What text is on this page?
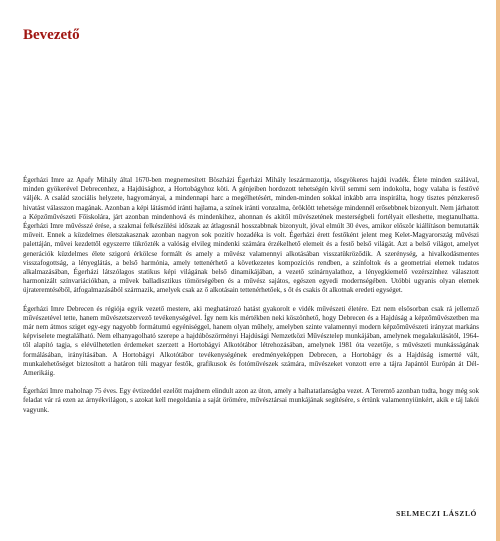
Bevezető

Égerházi Imre az Apafy Mihály által 1670-ben megnemesített Böszházi Égerházi Mihály leszármazottja, tősgyökeres hajdú ivadék. Élete minden szálával, minden gyökerével Debrecenhez, a Hajdúsághoz, a Hortobágyhoz köti. A génjeiben hordozott tehetségén kívül semmi sem indokolta, hogy valaha is festővé váljék. A család szociális helyzete, hagyományai, a mindennapi harc a megélhetésért, minden-minden sokkal inkább arra inspirálta, hogy tisztes pénzkereső hivatást válasszon magának. Azonban a képi látásmód iránti hajlama, a színek iránti vonzalma, öröklött tehetsége mindennél erősebbnek bizonyult. Nem járhatott a Képzőművészeti Főiskolára, járt azonban mindenhová és mindenkihez, ahonnan és akitől művészetének mesterségbeli fortélyait elleshette, megtanulhatta. Égerházi Imre művésszé érése, a szakmai felkészülési időszak az átlagosnál hosszabbnak bizonyult, jóval elmúlt 30 éves, amikor először kiállításon bemutatták műveit. Ennek a küzdelmes életszakasznak azonban nagyon sok pozitív hozadéka is volt. Égerházi érett festőként jelent meg Kelet-Magyarország művészi palettáján, művei kezdettől egyszerre tükrözték a valóság elvileg mindenki számára érzékelhető elemeit és a festő belső világát. Azt a belső világot, amelyet generációk küzdelmes élete szigorú érkölcse formált és amely a művész valamennyi alkotásában visszatükröződik. A szerénység, a hivalkodásmentes visszafogottság, a lényeglátás, a belső harmónia, amely tettenérhető a következetes kompozíciós rendben, a színfoltok és a geometriai elemek tudatos alkalmazásában, Égerházi látszólagos statikus képi világának belső dinamikájában, a vezető színárnyalathoz, a lényegkiemelő vezérszínhez választott harmonizált színvariációkban, a művek balladisztikus tömörségében és a művész sajátos, egészen egyedi modernségében. Utóbbi ugyanis olyan elemek újrateremtéséből, átfogalmazásából származik, amelyek csak az ő alkotásain tettenérhetőek, s őt és csakis őt alkotnak eredeti egységet.

Égerházi Imre Debrecen és régiója egyik vezető mestere, aki meghatározó hatást gyakorolt e vidék művészeti életére. Ezt nem elsősorban csak rá jellemző művészetével tette, hanem művészetszervező tevékenységével. Így nem kis mértékben neki köszönhető, hogy Debrecen és a Hajdúság a képzőművészetben ma már nem átmos sziget egy-egy nagyobb formátumú egyéniséggel, hanem olyan műhely, amelyben szinte valamennyi modern képzőművészeti irányzat markáns képviselete megtalálható. Nem elhanyagolható szerepe a hajdúböszörményi Hajdúsági Nemzetközi Művésztelep munkájában, amelynek megalakulásától, 1964-től alapító tagja, s elévülhetetlen érdemeket szerzett a Hortobágyi Alkotótábor létrehozásában, amelynek 1981 óta vezetője, s művészeti munkásságának formálásában, irányításában. A Hortobágyi Alkotótábor tevékenységének eredményeképpen Debrecen, a Hortobágy és a Hajdúság ismertté vált, munkalehetőséget biztosított a határon túli magyar festők, grafikusok és fotóművészek számára, művészeket vonzott erre a tájra Japántól Európán át Dél-Amerikáig.

Égerházi Imre maholnap 75 éves. Egy évtizeddel ezelőtt majdnem elindult azon az úton, amely a halhatatlanságba vezet. A Teremtő azonban tudta, hogy még sok feladat vár rá ezen az árnyékvilágon, s azokat kell megoldania a saját örömére, művésztársai munkájának segítésére, s értünk valamennyiünkért, akik e táj lakói vagyunk.

SELMECZI LÁSZLÓ
